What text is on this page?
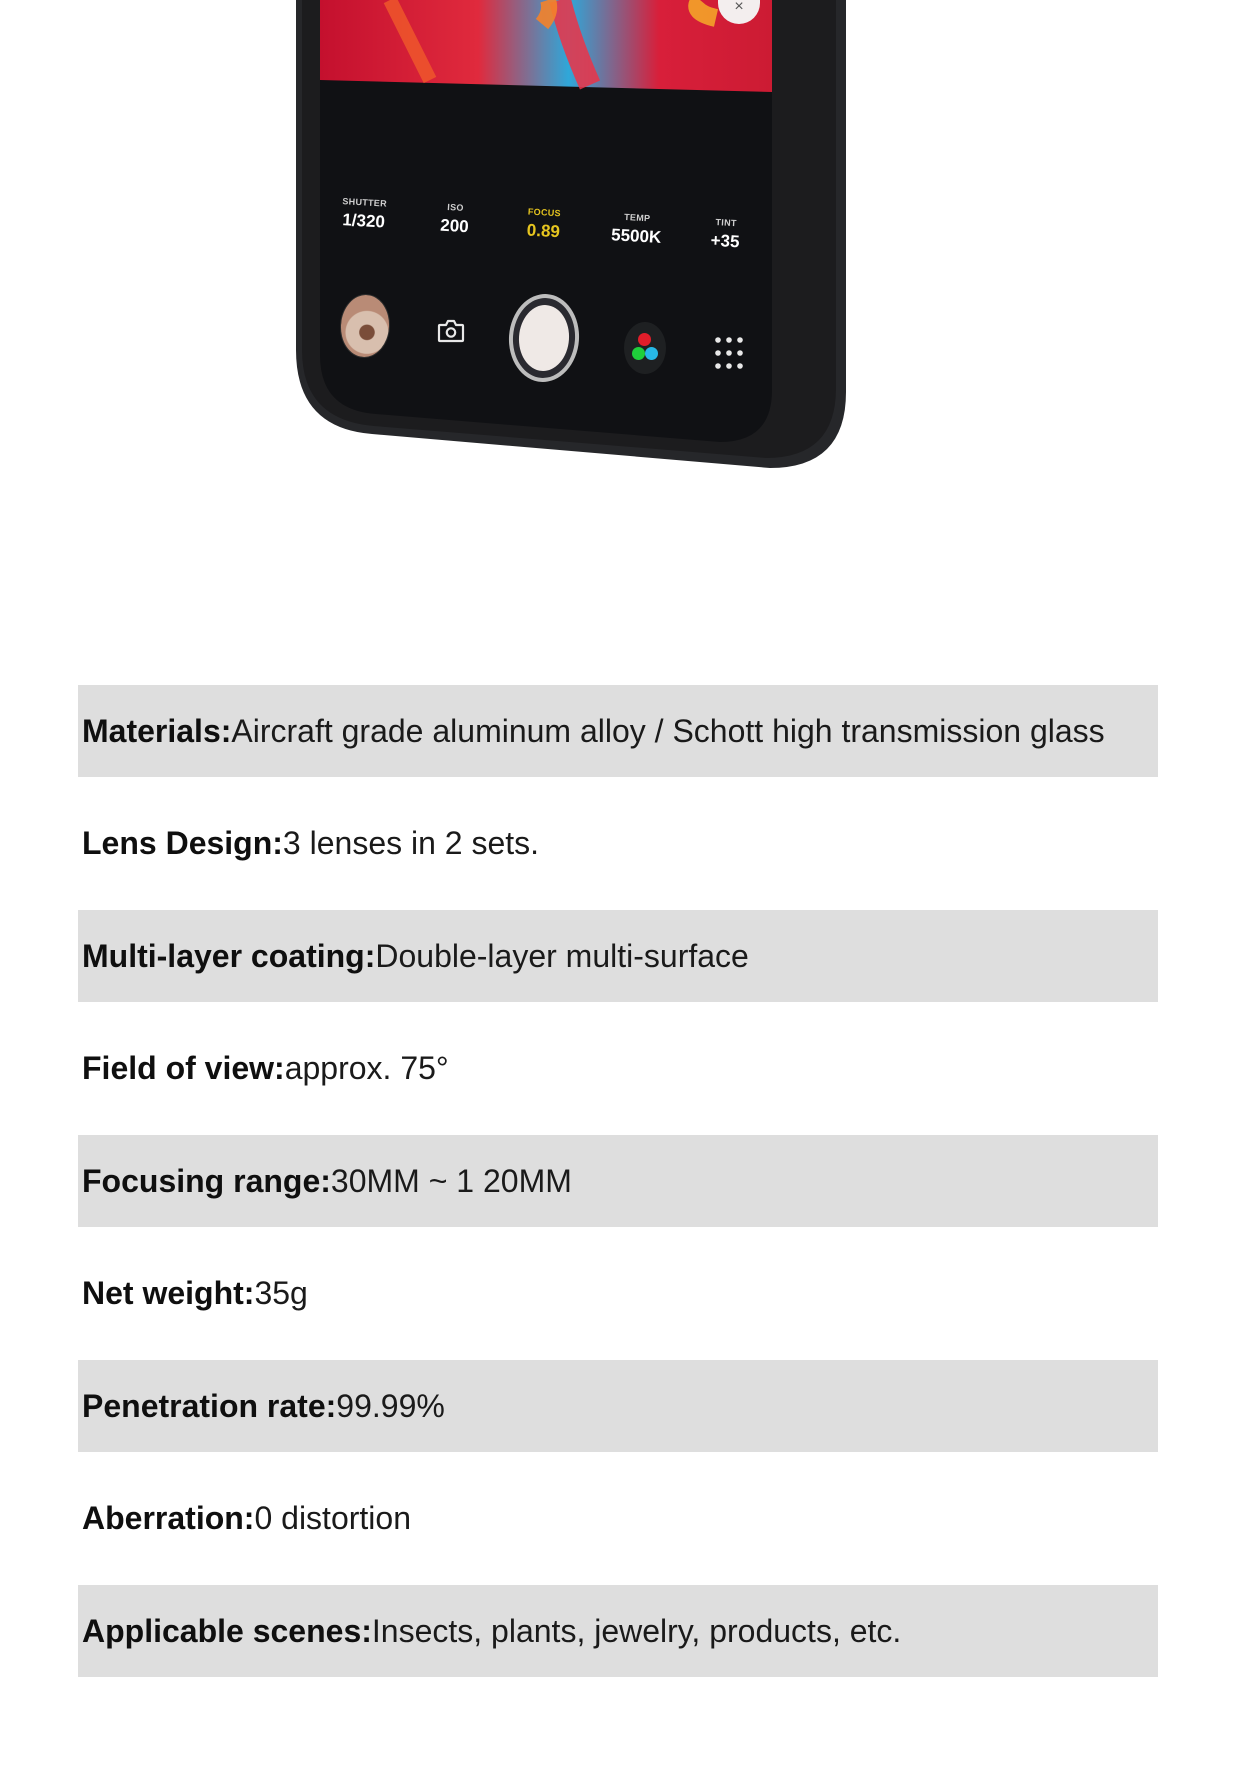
×
SHUTTER
1/320
ISO
200
FOCUS
0.89
TEMP
5500K
TINT
+35
Materials: Aircraft grade aluminum alloy / Schott high transmission glass
Lens Design: 3 lenses in 2 sets.
Multi-layer coating: Double-layer multi-surface
Field of view: approx. 75°
Focusing range: 30MM ~ 1 20MM
Net weight: 35g
Penetration rate: 99.99%
Aberration: 0 distortion
Applicable scenes: Insects, plants, jewelry, products, etc.
